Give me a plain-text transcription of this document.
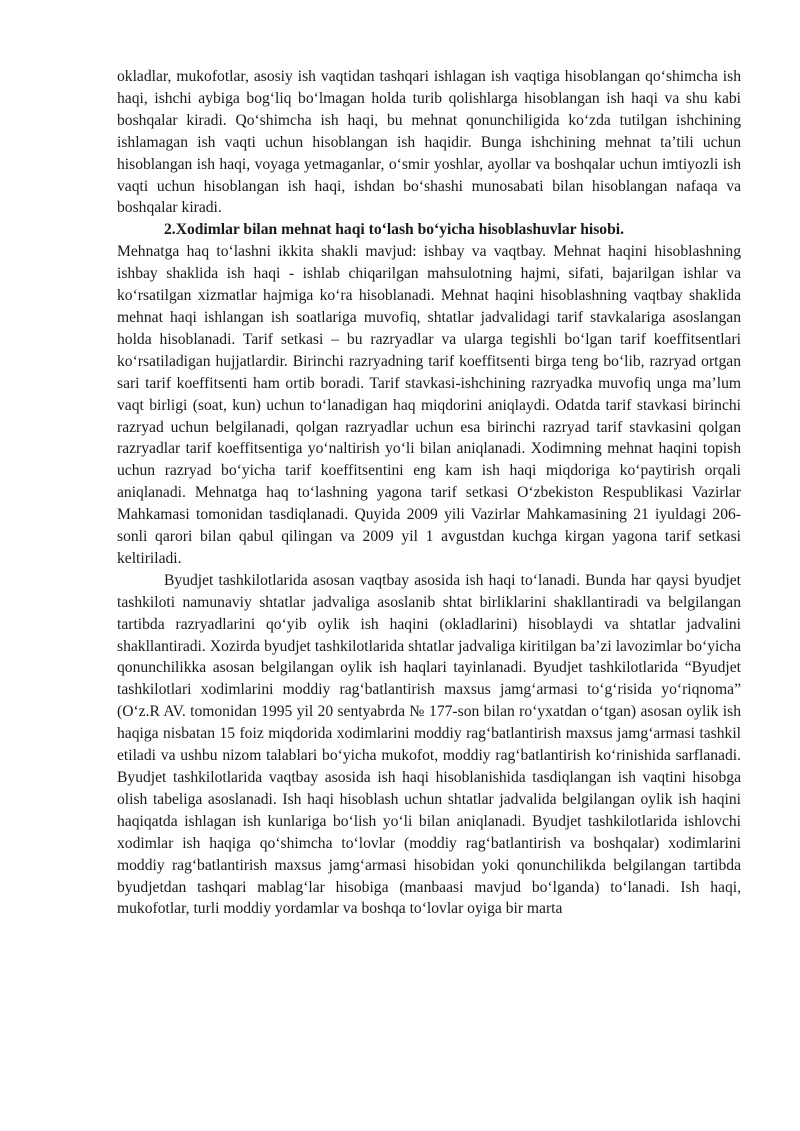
okladlar, mukofotlar, asosiy ish vaqtidan tashqari ishlagan ish vaqtiga hisoblangan qo‘shimcha ish haqi, ishchi aybiga bog‘liq bo‘lmagan holda turib qolishlarga hisoblangan ish haqi va shu kabi boshqalar kiradi. Qo‘shimcha ish haqi, bu mehnat qonunchiligida ko‘zda tutilgan ishchining ishlamagan ish vaqti uchun hisoblangan ish haqidir. Bunga ishchining mehnat ta’tili uchun hisoblangan ish haqi, voyaga yetmaganlar, o‘smir yoshlar, ayollar va boshqalar uchun imtiyozli ish vaqti uchun hisoblangan ish haqi, ishdan bo‘shashi munosabati bilan hisoblangan nafaqa va boshqalar kiradi.

2.Xodimlar bilan mehnat haqi to‘lash bo‘yicha hisoblashuvlar hisobi.

Mehnatga haq to‘lashni ikkita shakli mavjud: ishbay va vaqtbay. Mehnat haqini hisoblashning ishbay shaklida ish haqi - ishlab chiqarilgan mahsulotning hajmi, sifati, bajarilgan ishlar va ko‘rsatilgan xizmatlar hajmiga ko‘ra hisoblanadi. Mehnat haqini hisoblashning vaqtbay shaklida mehnat haqi ishlangan ish soatlariga muvofiq, shtatlar jadvalidagi tarif stavkalariga asoslangan holda hisoblanadi. Tarif setkasi – bu razryadlar va ularga tegishli bo‘lgan tarif koeffitsentlari ko‘rsatiladigan hujjatlardir. Birinchi razryadning tarif koeffitsenti birga teng bo‘lib, razryad ortgan sari tarif koeffitsenti ham ortib boradi. Tarif stavkasi-ishchining razryadka muvofiq unga ma’lum vaqt birligi (soat, kun) uchun to‘lanadigan haq miqdorini aniqlaydi. Odatda tarif stavkasi birinchi razryad uchun belgilanadi, qolgan razryadlar uchun esa birinchi razryad tarif stavkasini qolgan razryadlar tarif koeffitsentiga yo‘naltirish yo‘li bilan aniqlanadi. Xodimning mehnat haqini topish uchun razryad bo‘yicha tarif koeffitsentini eng kam ish haqi miqdoriga ko‘paytirish orqali aniqlanadi. Mehnatga haq to‘lashning yagona tarif setkasi O‘zbekiston Respublikasi Vazirlar Mahkamasi tomonidan tasdiqlanadi. Quyida 2009 yili Vazirlar Mahkamasining 21 iyuldagi 206-sonli qarori bilan qabul qilingan va 2009 yil 1 avgustdan kuchga kirgan yagona tarif setkasi keltiriladi.

Byudjet tashkilotlarida asosan vaqtbay asosida ish haqi to‘lanadi. Bunda har qaysi byudjet tashkiloti namunaviy shtatlar jadvaliga asoslanib shtat birliklarini shakllantiradi va belgilangan tartibda razryadlarini qo‘yib oylik ish haqini (okladlarini) hisoblaydi va shtatlar jadvalini shakllantiradi. Xozirda byudjet tashkilotlarida shtatlar jadvaliga kiritilgan ba’zi lavozimlar bo‘yicha qonunchilikka asosan belgilangan oylik ish haqlari tayinlanadi. Byudjet tashkilotlarida “Byudjet tashkilotlari xodimlarini moddiy rag‘batlantirish maxsus jamg‘armasi to‘g‘risida yo‘riqnoma” (O‘z.R AV. tomonidan 1995 yil 20 sentyabrda № 177-son bilan ro‘yxatdan o‘tgan) asosan oylik ish haqiga nisbatan 15 foiz miqdorida xodimlarini moddiy rag‘batlantirish maxsus jamg‘armasi tashkil etiladi va ushbu nizom talablari bo‘yicha mukofot, moddiy rag‘batlantirish ko‘rinishida sarflanadi. Byudjet tashkilotlarida vaqtbay asosida ish haqi hisoblanishida tasdiqlangan ish vaqtini hisobga olish tabeliga asoslanadi. Ish haqi hisoblash uchun shtatlar jadvalida belgilangan oylik ish haqini haqiqatda ishlagan ish kunlariga bo‘lish yo‘li bilan aniqlanadi. Byudjet tashkilotlarida ishlovchi xodimlar ish haqiga qo‘shimcha to‘lovlar (moddiy rag‘batlantirish va boshqalar) xodimlarini moddiy rag‘batlantirish maxsus jamg‘armasi hisobidan yoki qonunchilikda belgilangan tartibda byudjetdan tashqari mablag‘lar hisobiga (manbaasi mavjud bo‘lganda) to‘lanadi. Ish haqi, mukofotlar, turli moddiy yordamlar va boshqa to‘lovlar oyiga bir marta
